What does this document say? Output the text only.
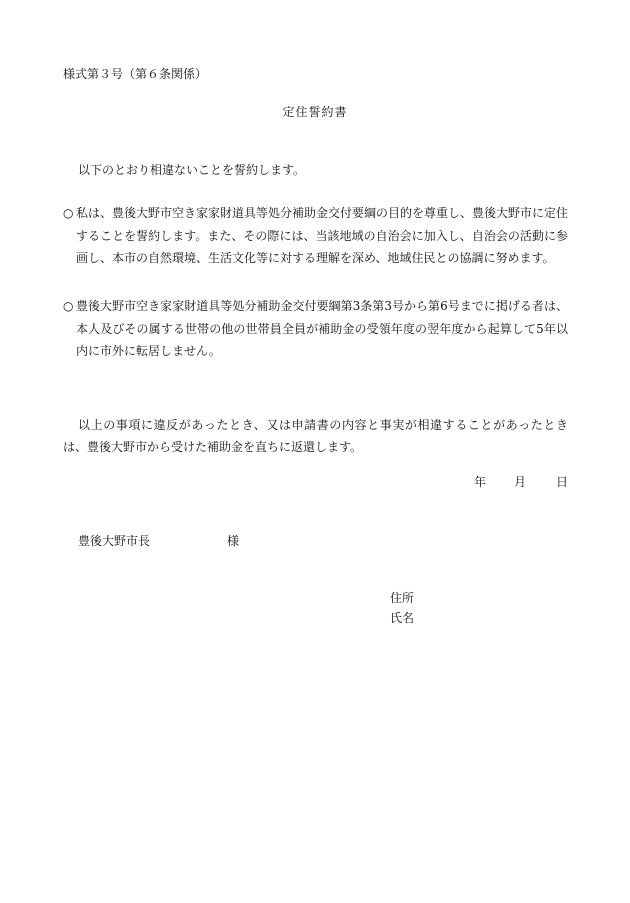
様式第３号（第６条関係）
定住誓約書
以下のとおり相違ないことを誓約します。
○ 私は、豊後大野市空き家家財道具等処分補助金交付要綱の目的を尊重し、豊後大野市に定住することを誓約します。また、その際には、当該地域の自治会に加入し、自治会の活動に参画し、本市の自然環境、生活文化等に対する理解を深め、地域住民との協調に努めます。
○ 豊後大野市空き家家財道具等処分補助金交付要綱第3条第3号から第6号までに掲げる者は、本人及びその属する世帯の他の世帯員全員が補助金の受領年度の翌年度から起算して5年以内に市外に転居しません。
以上の事項に違反があったとき、又は申請書の内容と事実が相違することがあったときは、豊後大野市から受けた補助金を直ちに返還します。
年 月	日
豊後大野市長	様
住所
氏名
